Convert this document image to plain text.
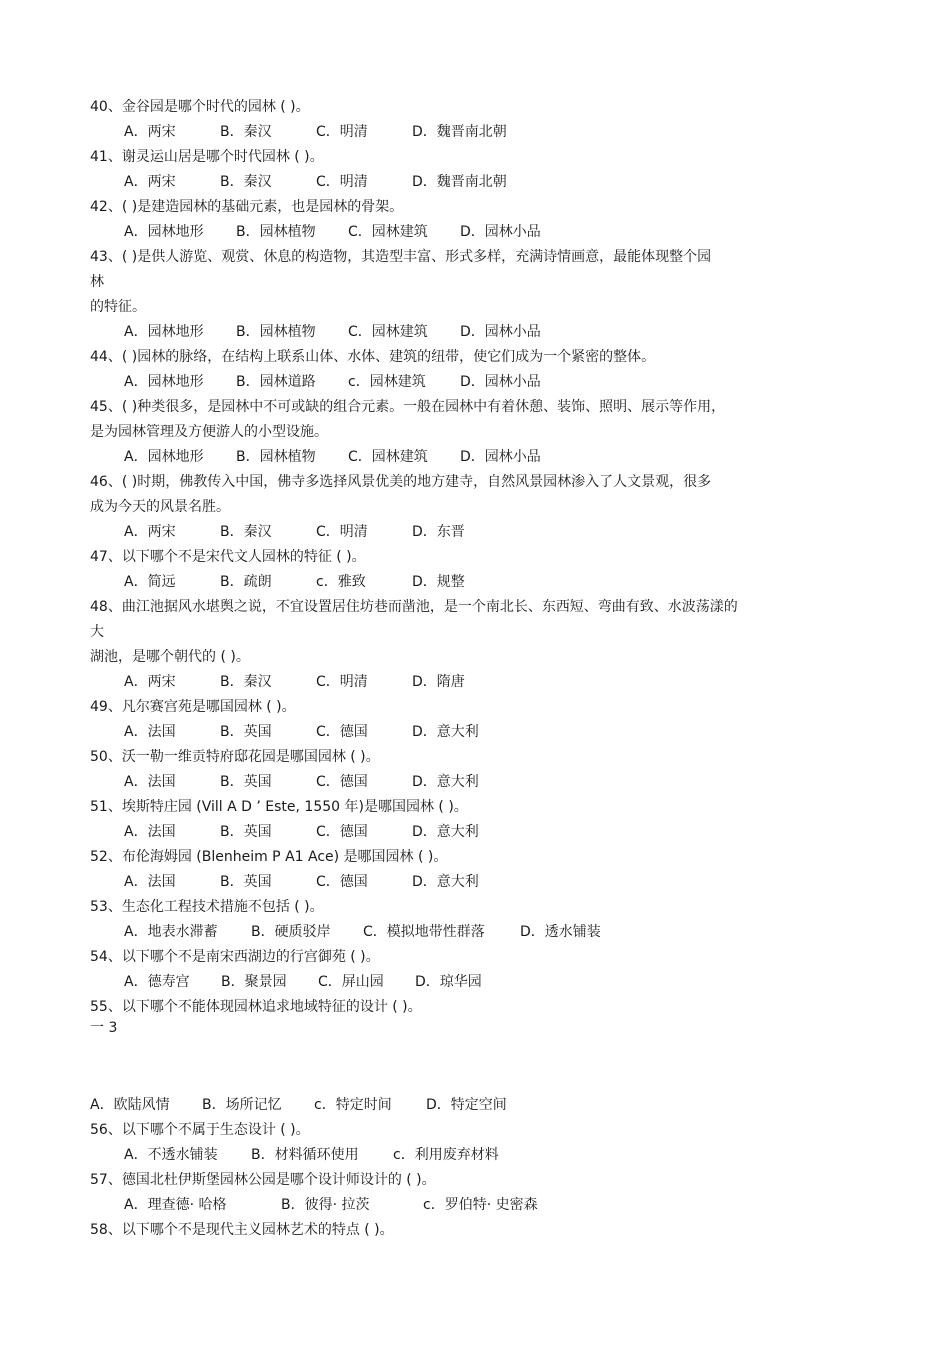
40、金谷园是哪个时代的园林 ( )。
A．两宋	B．秦汉	C．明清	D．魏晋南北朝
41、谢灵运山居是哪个时代园林 ( )。
A．两宋	B．秦汉	C．明清	D．魏晋南北朝
42、( )是建造园林的基础元素，也是园林的骨架。
A．园林地形 B．园林植物 C．园林建筑 D．园林小品
43、( )是供人游览、观赏、休息的构造物，其造型丰富、形式多样，充满诗情画意，最能体现整个园
林
的特征。
A．园林地形 B．园林植物 C．园林建筑 D．园林小品
44、( )园林的脉络，在结构上联系山体、水体、建筑的纽带，使它们成为一个紧密的整体。
A．园林地形 B．园林道路 c．园林建筑 D．园林小品
45、( )种类很多，是园林中不可或缺的组合元素。一般在园林中有着休憩、装饰、照明、展示等作用，
是为园林管理及方便游人的小型设施。
A．园林地形 B．园林植物 C．园林建筑 D．园林小品
46、( )时期，佛教传入中国，佛寺多选择风景优美的地方建寺，自然风景园林渗入了人文景观，很多
成为今天的风景名胜。
A．两宋	B．秦汉	C．明清	D．东晋
47、以下哪个不是宋代文人园林的特征 ( )。
A．简远	B．疏朗	c．雅致	D．规整
48、曲江池据风水堪舆之说，不宜设置居住坊巷而凿池，是一个南北长、东西短、弯曲有致、水波荡漾的
大
湖池，是哪个朝代的 ( )。
A．两宋	B．秦汉	C．明清	D．隋唐
49、凡尔赛宫苑是哪国园林 ( )。
A．法国	B．英国	C．德国	D．意大利
50、沃一勒一维贡特府邸花园是哪国园林 ( )。
A．法国	B．英国	C．德国	D．意大利
51、埃斯特庄园 (Vill A D ’ Este, 1550 年)是哪国园林 ( )。
A．法国	B．英国	C．德国	D．意大利
52、布伦海姆园 (Blenheim P A1 Ace) 是哪国园林 ( )。
A．法国	B．英国	C．德国	D．意大利
53、生态化工程技术措施不包括 ( )。
A．地表水滞蓄 B．硬质驳岸 C．模拟地带性群落	D．透水铺装
54、以下哪个不是南宋西湖边的行宫御苑 ( )。
A．德寿宫 B．聚景园 C．屏山园 D．琼华园
55、以下哪个不能体现园林追求地域特征的设计 ( )。
一 3
A．欧陆风情 B．场所记忆 c．特定时间 D．特定空间
56、以下哪个不属于生态设计 ( )。
A．不透水铺装 B．材料循环使用 c．利用废弃材料
57、德国北杜伊斯堡园林公园是哪个设计师设计的 ( )。
A．理查德· 哈格	B．彼得· 拉茨	c．罗伯特· 史密森
58、以下哪个不是现代主义园林艺术的特点 ( )。
